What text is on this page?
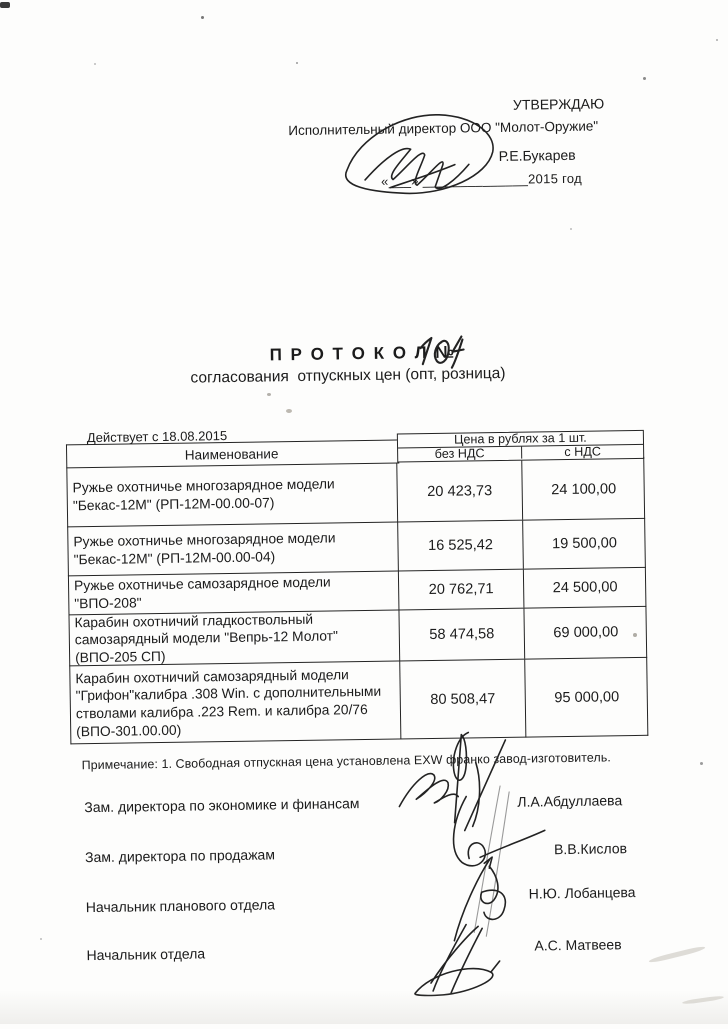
УТВЕРЖДАЮ
Исполнительный директор ООО "Молот-Оружие"
Р.Е.Букарев
«___» ______________2015 год
П Р О Т О К О Л №
согласования  отпускных цен (опт, розница)
Действует с 18.08.2015
Наименование
Цена в рублях за 1 шт.
без НДС	с НДС
Ружье охотничье многозарядное модели "Бекас-12М" (РП-12М-00.00-07)
20 423,73	24 100,00
Ружье охотничье многозарядное модели "Бекас-12М" (РП-12М-00.00-04)
16 525,42	19 500,00
Ружье охотничье самозарядное модели "ВПО-208"
20 762,71	24 500,00
Карабин охотничий гладкоствольный самозарядный модели "Вепрь-12 Молот" (ВПО-205 СП)
58 474,58	69 000,00
Карабин охотничий самозарядный модели "Грифон"калибра .308 Win. с дополнительными стволами калибра .223 Rem. и калибра 20/76 (ВПО-301.00.00)
80 508,47	95 000,00
Примечание: 1. Свободная отпускная цена установлена EXW франко завод-изготовитель.
Зам. директора по экономике и финансам
Зам. директора по продажам
Начальник планового отдела
Начальник отдела
Л.А.Абдуллаева
В.В.Кислов
Н.Ю. Лобанцева
А.С. Матвеев
